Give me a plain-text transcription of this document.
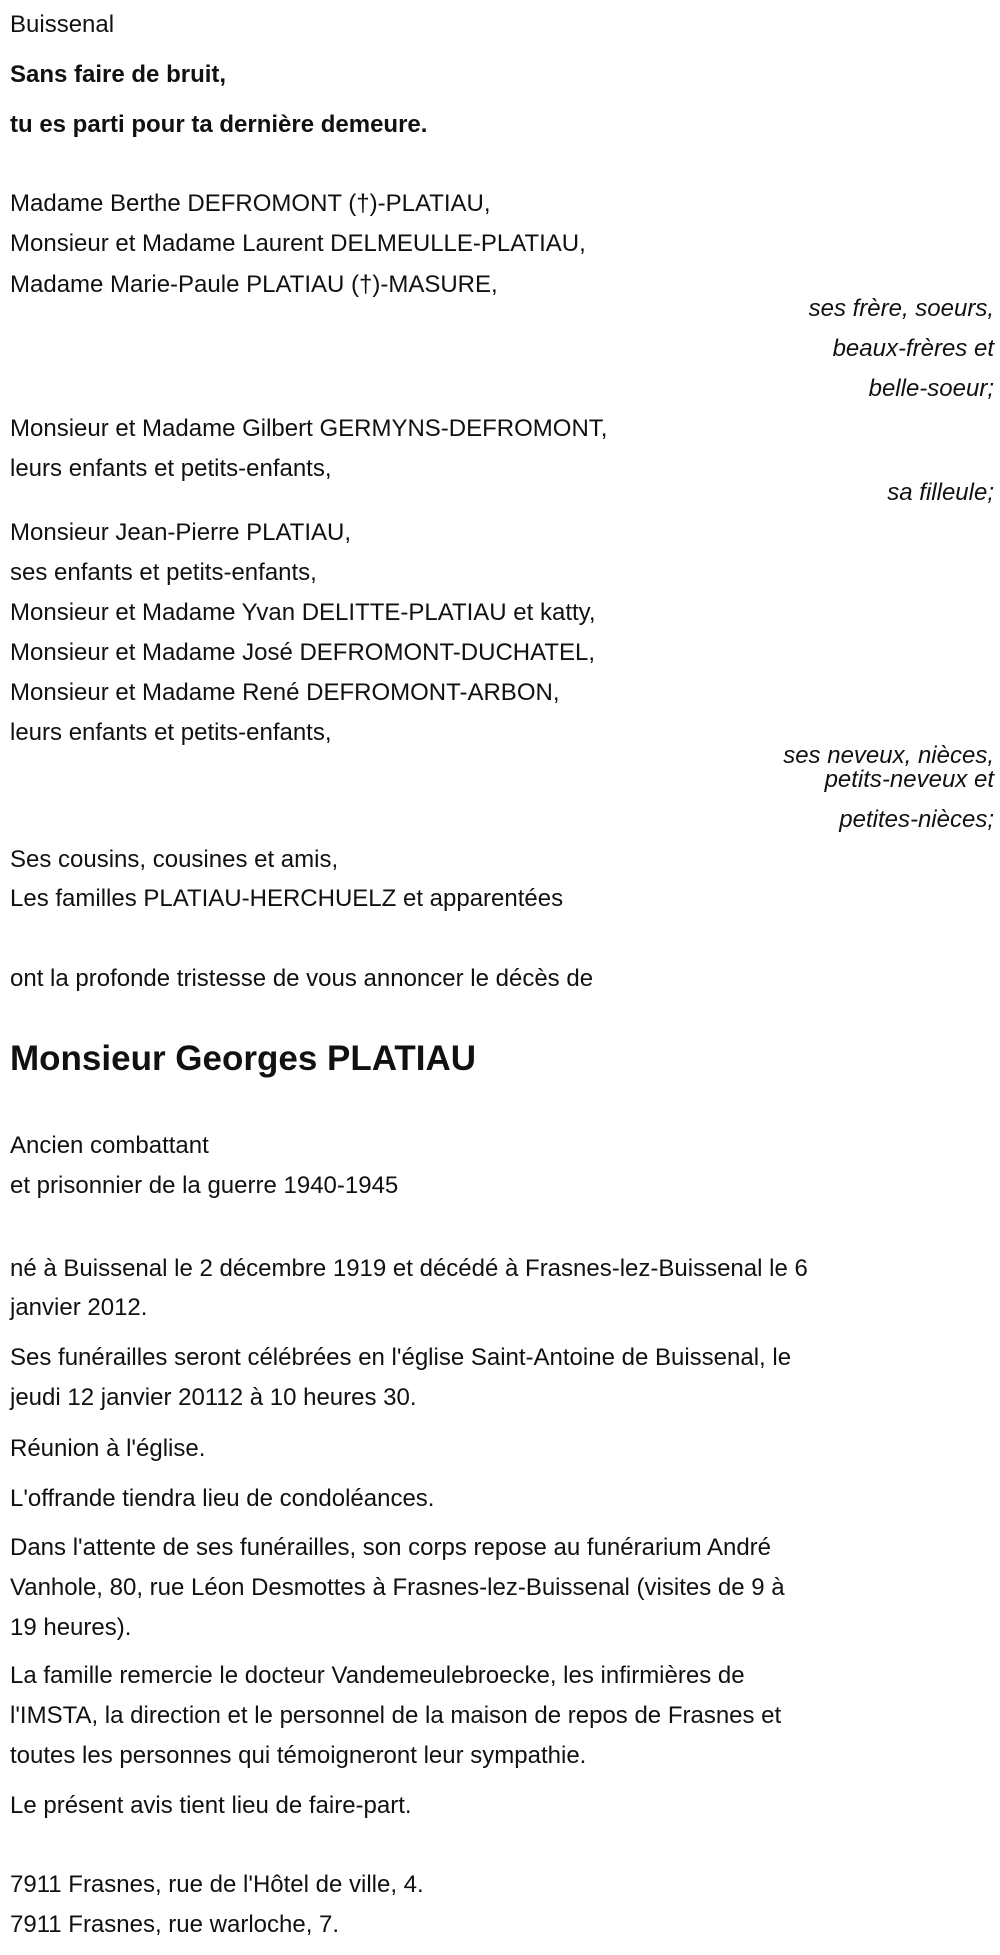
Buissenal
Sans faire de bruit,
tu es parti pour ta dernière demeure.
Madame Berthe DEFROMONT (†)-PLATIAU,
Monsieur et Madame Laurent DELMEULLE-PLATIAU,
Madame Marie-Paule PLATIAU (†)-MASURE,
ses frère, soeurs,
beaux-frères et
belle-soeur;
Monsieur et Madame Gilbert GERMYNS-DEFROMONT,
leurs enfants et petits-enfants,
sa filleule;
Monsieur Jean-Pierre PLATIAU,
ses enfants et petits-enfants,
Monsieur et Madame Yvan DELITTE-PLATIAU et katty,
Monsieur et Madame José DEFROMONT-DUCHATEL,
Monsieur et Madame René DEFROMONT-ARBON,
leurs enfants et petits-enfants,
ses neveux, nièces,
petits-neveux et
petites-nièces;
Ses cousins, cousines et amis,
Les familles PLATIAU-HERCHUELZ et apparentées
ont la profonde tristesse de vous annoncer le décès de
Monsieur Georges PLATIAU
Ancien combattant
et prisonnier de la guerre 1940-1945
né à Buissenal le 2 décembre 1919 et décédé à Frasnes-lez-Buissenal le 6
janvier 2012.
Ses funérailles seront célébrées en l'église Saint-Antoine de Buissenal, le
jeudi 12 janvier 20112 à 10 heures 30.
Réunion à l'église.
L'offrande tiendra lieu de condoléances.
Dans l'attente de ses funérailles, son corps repose au funérarium André
Vanhole, 80, rue Léon Desmottes à Frasnes-lez-Buissenal (visites de 9 à
19 heures).
La famille remercie le docteur Vandemeulebroecke, les infirmières de
l'IMSTA, la direction et le personnel de la maison de repos de Frasnes et
toutes les personnes qui témoigneront leur sympathie.
Le présent avis tient lieu de faire-part.
7911 Frasnes, rue de l'Hôtel de ville, 4.
7911 Frasnes, rue warloche, 7.
